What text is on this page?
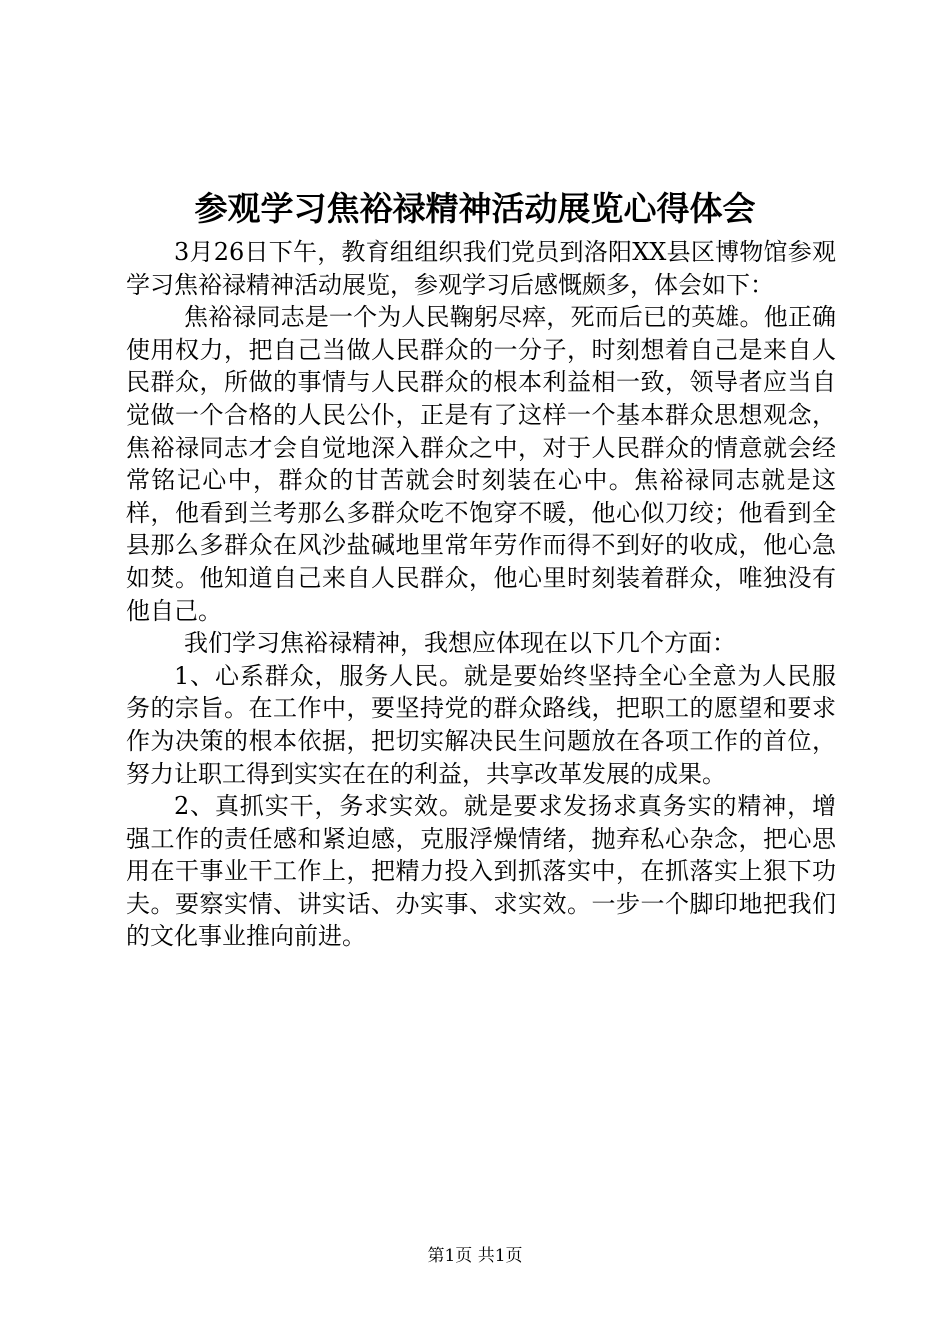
参观学习焦裕禄精神活动展览心得体会

3月26日下午，教育组组织我们党员到洛阳XX县区博物馆参观学习焦裕禄精神活动展览，参观学习后感慨颇多，体会如下：

焦裕禄同志是一个为人民鞠躬尽瘁，死而后已的英雄。他正确使用权力，把自己当做人民群众的一分子，时刻想着自己是来自人民群众，所做的事情与人民群众的根本利益相一致，领导者应当自觉做一个合格的人民公仆，正是有了这样一个基本群众思想观念，焦裕禄同志才会自觉地深入群众之中，对于人民群众的情意就会经常铭记心中，群众的甘苦就会时刻装在心中。焦裕禄同志就是这样，他看到兰考那么多群众吃不饱穿不暖，他心似刀绞；他看到全县那么多群众在风沙盐碱地里常年劳作而得不到好的收成，他心急如焚。他知道自己来自人民群众，他心里时刻装着群众，唯独没有他自己。

我们学习焦裕禄精神，我想应体现在以下几个方面：

1、心系群众，服务人民。就是要始终坚持全心全意为人民服务的宗旨。在工作中，要坚持党的群众路线，把职工的愿望和要求作为决策的根本依据，把切实解决民生问题放在各项工作的首位，努力让职工得到实实在在的利益，共享改革发展的成果。

2、真抓实干，务求实效。就是要求发扬求真务实的精神，增强工作的责任感和紧迫感，克服浮燥情绪，抛弃私心杂念，把心思用在干事业干工作上，把精力投入到抓落实中，在抓落实上狠下功夫。要察实情、讲实话、办实事、求实效。一步一个脚印地把我们的文化事业推向前进。

第1页 共1页
